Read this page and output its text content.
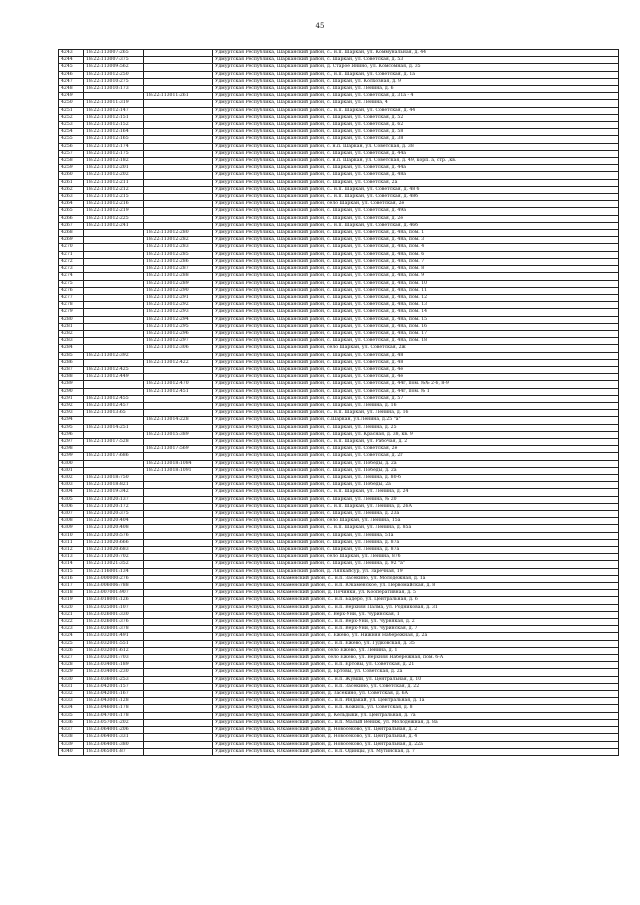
45
4243	18:22:113007:265		Удмуртская Республика, Шарканский район, с.. н.п. Шаркан, ул. Коммунальная, д. 44
4244	18:22:113007:375		Удмуртская Республика, Шарканский район, с. Шаркан, ул. Советская, д. 53
4245	18:22:113009:562		Удмуртская Республика, Шарканский район, д. Старое Янино, ул. Комсомная, д. 35
4246	18:22:113012:250		Удмуртская Республика, Шарканский район, с., н.п. Шаркан, ул. Советская, д. 1а
4247	18:22:113010:275		Удмуртская Республика, Шарканский район, с. Шаркан, ул. Колхозная, д. 9
4248	18:22:113010:173		Удмуртская Республика, Шарканский район, с. Шаркан, ул. Ленина, д. 6
4249		18:22:113011:261	Удмуртская Республика, Шарканский район, с. Шаркан, ул. Советская, д. 31а - 4
4250	18:22:113011:319		Удмуртская Республика, Шарканский район, с. Шаркан, ул. Ленина, 4
4251	18:22:113012:147		Удмуртская Республика, Шарканский район, с.. н.п. Шаркан, ул. Советская, д. 44
4252	18:22:113012:151		Удмуртская Республика, Шарканский район, с. Шаркан, ул. Советская, д. 52
4253	18:22:113012:152		Удмуртская Республика, Шарканский район, с. Шаркан, ул. Советская, д. 62
4254	18:22:113012:164		Удмуртская Республика, Шарканский район, с. Шаркан, ул. Советская, д. 58
4255	18:22:113012:165		Удмуртская Республика, Шарканский район, с. Шаркан, ул. Советская, д. 38
4256	18:22:113012:174		Удмуртская Республика, Шарканский район, с. н.п. Шаркан, ул. Советская, д. 38
4257	18:22:113012:175		Удмуртская Республика, Шарканский район, с. Шаркан, ул. Советская, д. 44а
4258	18:22:113012:182		Удмуртская Республика, Шарканский район, с. н.п. Шаркан, ул. Советская, д. 49, корп. а, стр. ,кв.
4259	18:22:113012:201		Удмуртская Республика, Шарканский район, с. Шаркан, ул. Советская, д. 44а
4260	18:22:113012:202		Удмуртская Республика, Шарканский район, с. Шаркан, ул. Советская, д. 48а
4261	18:22:113012:211		Удмуртская Республика, Шарканский район, с. Шаркан, ул. Советская, 2а
4262	18:22:113012:212		Удмуртская Республика, Шарканский район, с.. н.п. Шаркан, ул. Советская, д. 48 б
4263	18:22:113012:215		Удмуртская Республика, Шарканский район, с.. н.п. Шаркан, ул. Советская, д. 48б
4264	18:22:113012:216		Удмуртская Республика, Шарканский район, село Шаркан, ул. Советская, 2е
4265	18:22:113012:219		Удмуртская Республика, Шарканский район, с. Шаркан, ул. Советская, д. 49а
4266	18:22:113012:225		Удмуртская Республика, Шарканский район, с. Шаркан, ул. Советская, д. 2е
4267	18:22:113012:241		Удмуртская Республика, Шарканский район, с.. н.п. Шаркан, ул. Советская, д. 46б
4268		18:22:113012:280	Удмуртская Республика, Шарканский район, с. Шаркан, ул. Советская, д. 48а, пом. 1
4269		18:22:113012:282	Удмуртская Республика, Шарканский район, с. Шаркан, ул. Советская, д. 48а, пом. 3
4270		18:22:113012:283	Удмуртская Республика, Шарканский район, с. Шаркан, ул. Советская, д. 48а, пом. 4
4271		18:22:113012:285	Удмуртская Республика, Шарканский район, с. Шаркан, ул. Советская, д. 48а, пом. 6
4272		18:22:113012:286	Удмуртская Республика, Шарканский район, с. Шаркан, ул. Советская, д. 48а, пом. 7
4273		18:22:113012:287	Удмуртская Республика, Шарканский район, с. Шаркан, ул. Советская, д. 48а, пом. 8
4274		18:22:113012:288	Удмуртская Республика, Шарканский район, с. Шаркан, ул. Советская, д. 48а, пом. 9
4275		18:22:113012:289	Удмуртская Республика, Шарканский район, с. Шаркан, ул. Советская, д. 48а, пом. 10
4276		18:22:113012:290	Удмуртская Республика, Шарканский район, с. Шаркан, ул. Советская, д. 48а, пом. 11
4277		18:22:113012:291	Удмуртская Республика, Шарканский район, с. Шаркан, ул. Советская, д. 48а, пом. 12
4278		18:22:113012:292	Удмуртская Республика, Шарканский район, с. Шаркан, ул. Советская, д. 48а, пом. 13
4279		18:22:113012:293	Удмуртская Республика, Шарканский район, с. Шаркан, ул. Советская, д. 48а, пом. 14
4280		18:22:113012:294	Удмуртская Республика, Шарканский район, с. Шаркан, ул. Советская, д. 48а, пом. 15
4281		18:22:113012:295	Удмуртская Республика, Шарканский район, с. Шаркан, ул. Советская, д. 48а, пом. 16
4282		18:22:113012:296	Удмуртская Республика, Шарканский район, с. Шаркан, ул. Советская, д. 48а, пом. 17
4283		18:22:113012:297	Удмуртская Республика, Шарканский район, с. Шаркан, ул. Советская, д. 48а, пом. 18
4284		18:22:113012:306	Удмуртская Республика, Шарканский район, село Шаркан, ул. Советская, 2ж
4285	18:22:113012:392		Удмуртская Республика, Шарканский район, с. Шаркан, ул. Советская, д. 48
4286		18:22:113012:422	Удмуртская Республика, Шарканский район, с. Шаркан, ул. Советская, д. 48
4287	18:22:113012:425		Удмуртская Республика, Шарканский район, с. Шаркан, ул. Советская, д. 4е
4288	18:22:113012:449		Удмуртская Республика, Шарканский район, с. Шаркан, ул. Советская, д. 4е
4289		18:22:113012:470	Удмуртская Республика, Шарканский район, с. Шаркан, ул. Советская, д. 44г, пом. №№ 2-6, 8-9
4290		18:22:113012:451	Удмуртская Республика, Шарканский район, с. Шаркан, ул. Советская, д. 44г, пом. № 1
4291	18:22:113012:455		Удмуртская Республика, Шарканский район, с. Шаркан, ул. Советская, д. 57
4292	18:22:113012:457		Удмуртская Республика, Шарканский район, с. Шаркан, ул. Ленина, д. 16
4293	18:22:113013:65		Удмуртская Республика, Шарканский район, с.. н.п. Шаркан, ул. Ленина, д. 16
4294		18:22:113014:228	Удмуртская Республика, Шарканский район, с.Шаркан, ул.Ленина, д.25 "а"
4295	18:22:113014:251		Удмуртская Республика, Шарканский район, с. Шаркан, ул. Ленина, д. 25
4296		18:22:113015:389	Удмуртская Республика, Шарканский район, с. Шаркан, ул. Красная, д. 38, кв. 9
4297	18:22:113017:528		Удмуртская Республика, Шарканский район, с.. н.п. Шаркан, ул. Рабочая, д. 2
4298		18:22:113017:569	Удмуртская Республика, Шарканский район, с. Шаркан, ул. Советская, 2е
4299	18:22:113017:686		Удмуртская Республика, Шарканский район, с. Шаркан, ул. Советская, д. 2г
4300		18:22:113018:1084	Удмуртская Республика, Шарканский район, с. Шаркан, ул. Победы, д. 2а
4301		18:22:113018:1091	Удмуртская Республика, Шарканский район, с. Шаркан, ул. Победы, д. 2а
4302	18:22:113018:750		Удмуртская Республика, Шарканский район, с. Шаркан, ул. Ленина, д. 80-б
4303	18:22:113018:821		Удмуртская Республика, Шарканский район, с. Шаркан, ул. Победы, 2а
4304	18:22:113019:342		Удмуртская Республика, Шарканский район, с.. н.п. Шаркан, ул. Ленина, д. 24
4305	18:22:113020:137		Удмуртская Республика, Шарканский район, с. Шаркан, ул. Ленина, № 20
4306	18:22:113020:172		Удмуртская Республика, Шарканский район, с.. н.п. Шаркан, ул. Ленина, д. 26А
4307	18:22:113020:375		Удмуртская Республика, Шарканский район, с. Шаркан, ул. Ленина, д. 23а
4308	18:22:113020:404		Удмуртская Республика, Шарканский район, село Шаркан, ул. Ленина, 15а
4309	18:22:113020:408		Удмуртская Республика, Шарканский район, с.. н.п. Шаркан, ул. Ленина, д. 85а
4310	18:22:113020:576		Удмуртская Республика, Шарканский район, с. Шаркан, ул. Ленина, 51а
4311	18:22:113020:666		Удмуртская Республика, Шарканский район, с. Шаркан, ул. Ленина, д. 87а
4312	18:22:113020:683		Удмуртская Республика, Шарканский район, с. Шаркан, ул. Ленина, д. 87а
4313	18:22:113020:702		Удмуртская Республика, Шарканский район, село Шаркан, ул. Ленина, 87б
4314	18:22:113021:352		Удмуртская Республика, Шарканский район, с. Шаркан, ул. Ленина, д. 92 "а"
4315	18:22:116001:134		Удмуртская Республика, Шарканский район, д. Ляпкайсур, ул. Заречная, 19
4316	18:23:000000:276		Удмуртская Республика, Юкаменский район, с.. н.п. Засекино, ул. Молодежная, д. 1а
4317	18:23:006006:788		Удмуртская Республика, Юкаменский район, с.. н.п. Юкаменское, ул. Первомайская, д. 8
4318	18:23:007001:907		Удмуртская Республика, Юкаменский район, д. Починки, ул. Кооперативная, д. 5
4319	18:23:018001:126		Удмуртская Республика, Юкаменский район, с.. н.п. Бадеро, ул. Центральная, д. 6
4320	18:23:025001:107		Удмуртская Республика, Юкаменский район, с.. н.п. Верхняя Палма, ул. Родниковая, д. 31
4321	18:23:026001:330		Удмуртская Республика, Юкаменский район, с. Верх-Уни, ул. Чуринская, 1
4322	18:23:026001:376		Удмуртская Республика, Юкаменский район, с.. н.п. Верх-Уни, ул. Чурнякая, д. 2
4323	18:23:026001:378		Удмуртская Республика, Юкаменский район, с.. н.п. Верх-Уни, ул. Чуринская, д. 7
4324	18:23:032001:491		Удмуртская Республика, Юкаменский район, с. Ежево, ул. Нижняя Набережная, д. 2а
4325	18:23:032001:551		Удмуртская Республика, Юкаменский район, с.. н.п. Ежево, ул. Гудковская, д. 35
4326	18:23:032001:612		Удмуртская Республика, Юкаменский район, село Ежево, ул. Ленина, д. 1
4327	18:23:032001:703		Удмуртская Республика, Юкаменский район, село Ежево, ул. Верхняя Набережная, пом. б-А
4328	18:23:034001:189		Удмуртская Республика, Юкаменский район, с.. н.п. Ертовы, ул. Советская, д. 21
4329	18:23:034001:230		Удмуртская Республика, Юкаменский район, д. Ертовы, ул. Советская, д. 2а
4330	18:23:036001:253		Удмуртская Республика, Юкаменский район, с.. н.п. Жувши, ул. Центральная, д. 10
4331	18:23:042001:157		Удмуртская Республика, Юкаменский район, с.. н.п. Засекино, ул. Советская, д. 22
4332	18:23:042001:167		Удмуртская Республика, Юкаменский район, д. Засекино, ул. Советская, д. 6А
4333	18:23:043001:128		Удмуртская Республика, Юкаменский район, с.. н.п. Индакай, ул. Центральная, д. 1а
4334	18:23:046001:178		Удмуртская Республика, Юкаменский район, с.. н.п. Кожиль, ул. Советская, д. 8
4335	18:23:047001:178		Удмуртская Республика, Юкаменский район, д. Кельдыки, ул. Центральная, д. 7а
4336	18:23:057001:202		Удмуртская Республика, Юкаменский район, с.. н.п. Малый Вениж, ул. Молодежная, д. 8а
4337	18:23:064001:206		Удмуртская Республика, Юкаменский район, д. Новосеково, ул. Центральная, д. 2
4338	18:23:064001:331		Удмуртская Республика, Юкаменский район, д. Новосеково, ул. Центральная, д. 4
4339	18:23:064001:380		Удмуртская Республика, Юкаменский район, д. Новосеково, ул. Центральная, д. 22а
4340	18:23:065001:87		Удмуртская Республика, Юкаменский район, с.. н.п. Одинцы, ул. Мутинская, д. 7
